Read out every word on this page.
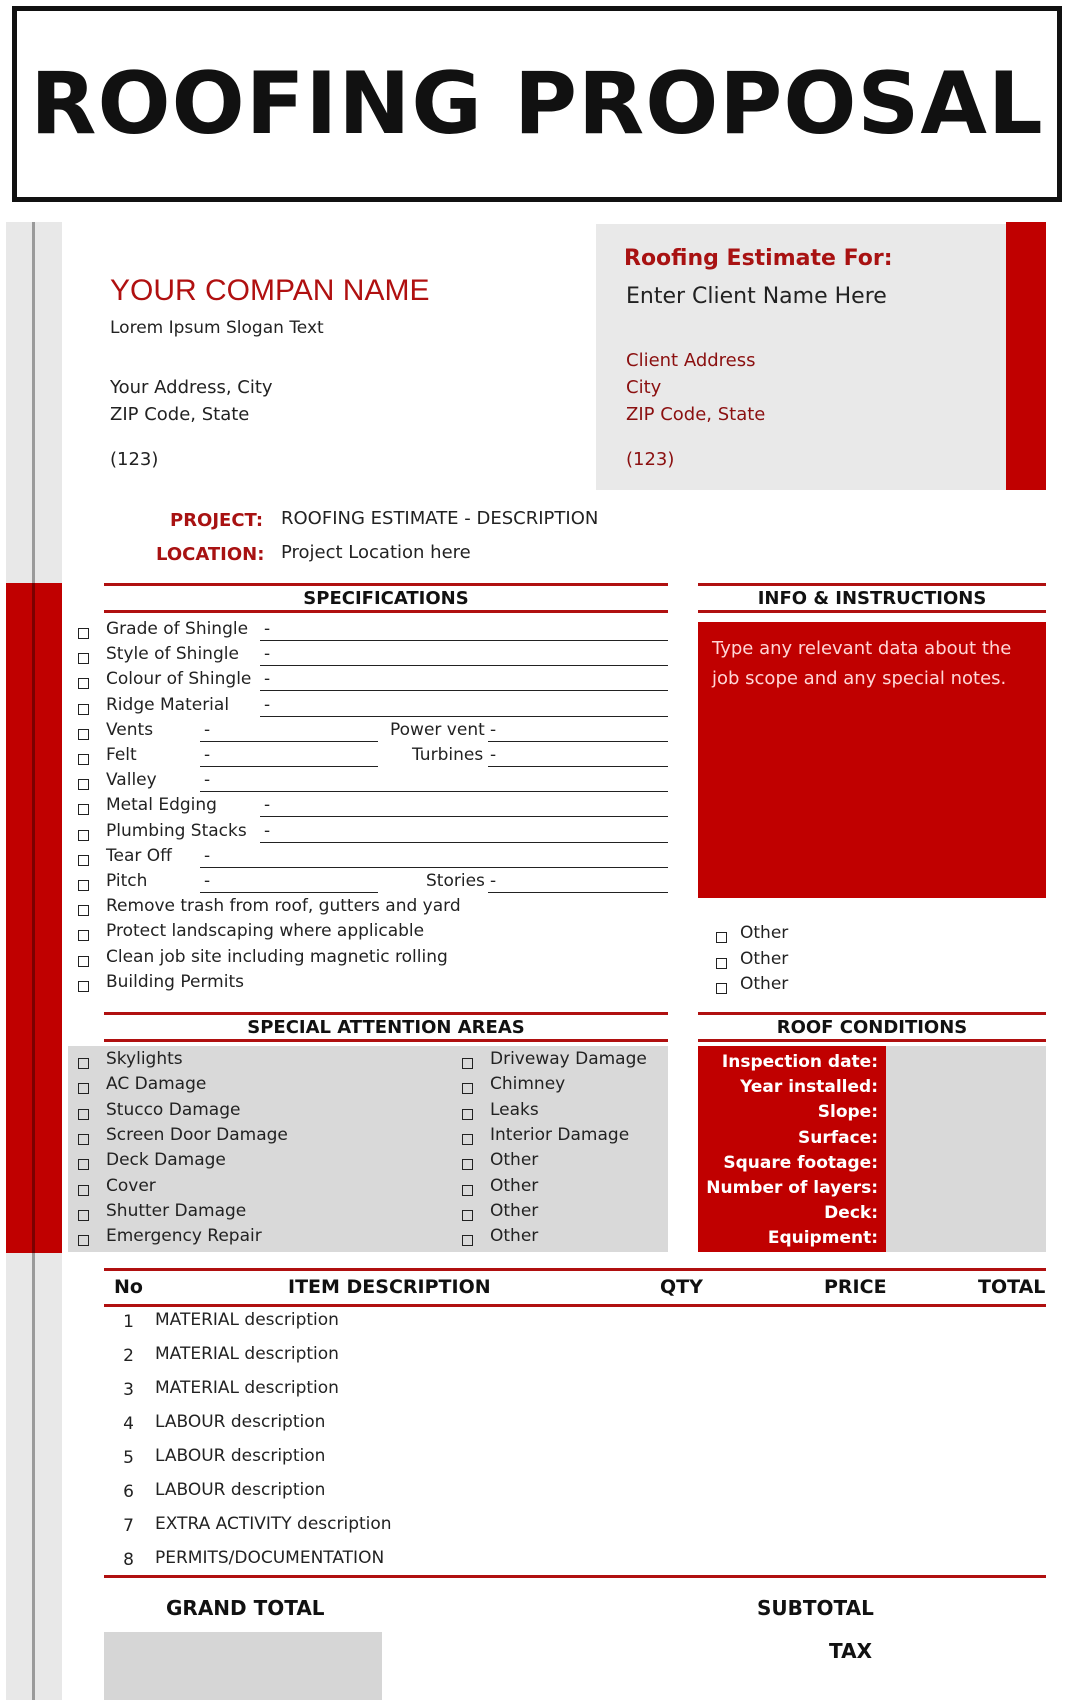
ROOFING PROPOSAL
YOUR COMPAN NAME
Lorem Ipsum Slogan Text
Your Address, City
ZIP Code, State
(123)
Roofing Estimate For:
Enter Client Name Here
Client Address
City
ZIP Code, State
(123)
PROJECT: ROOFING ESTIMATE - DESCRIPTION
LOCATION: Project Location here
SPECIFICATIONS
Grade of Shingle -
Style of Shingle -
Colour of Shingle -
Ridge Material -
Vents	-	Power vent -
Felt	-	Turbines -
Valley	-
Metal Edging	-
Plumbing Stacks -
Tear Off -
Pitch	-	Stories -
Remove trash from roof, gutters and yard
Protect landscaping where applicable
Clean job site including magnetic rolling
Building Permits
INFO & INSTRUCTIONS
Type any relevant data about the job scope and any special notes.
Other
Other
Other
SPECIAL ATTENTION AREAS
Skylights
AC Damage
Stucco Damage
Screen Door Damage
Deck Damage
Cover
Shutter Damage
Emergency Repair
Driveway Damage
Chimney
Leaks
Interior Damage
Other
Other
Other
Other
ROOF CONDITIONS
Inspection date:
Year installed:
Slope:
Surface:
Square footage:
Number of layers:
Deck:
Equipment:
No	ITEM DESCRIPTION	QTY	PRICE	TOTAL
1 MATERIAL description
2 MATERIAL description
3 MATERIAL description
4 LABOUR description
5 LABOUR description
6 LABOUR description
7 EXTRA ACTIVITY description
8 PERMITS/DOCUMENTATION
GRAND TOTAL	SUBTOTAL
TAX
